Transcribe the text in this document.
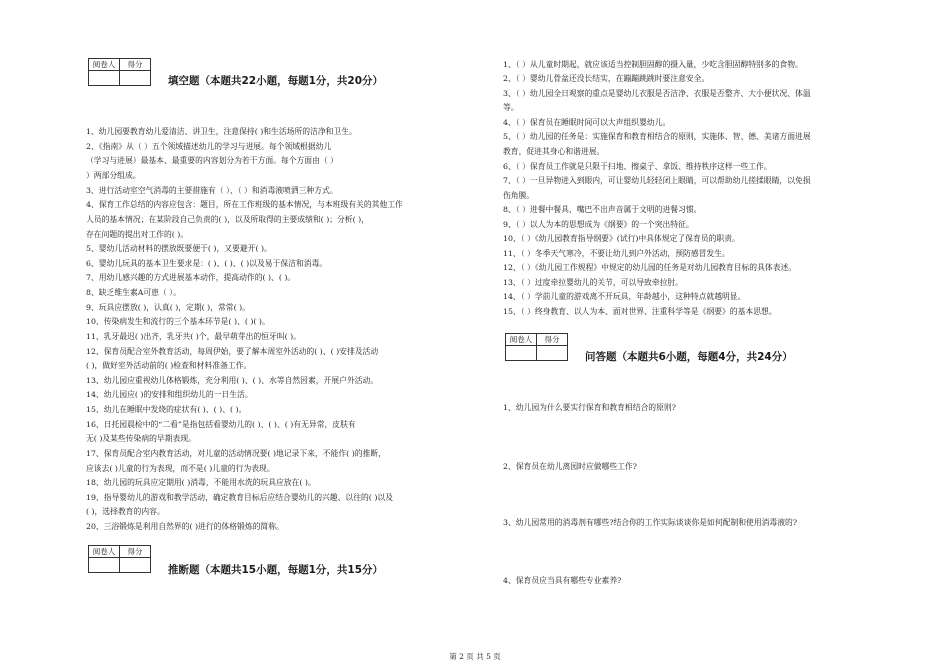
阅卷人	得分

填空题（本题共22小题，每题1分，共20分）
1、幼儿园要教育幼儿爱清洁、讲卫生，注意保持( )和生活场所的洁净和卫生。
2、《指南》从（ ）五个领域描述幼儿的学习与进展。每个领域根据幼儿
（学习与进展）最基本、最重要的内容划分为若干方面。每个方面由（ ）
）两部分组成。
3、进行活动室空气消毒的主要措施有（ ）、（ ）和消毒液喷洒三种方式。
4、保育工作总结的内容应包含：题目，所在工作班级的基本情况，与本班级有关的其他工作
人员的基本情况；在某阶段自己负责的( )，以及所取得的主要成绩和( )；分析( )，
存在问题的提出对工作的( )。
5、婴幼儿活动材料的摆放既要便于( )，又要避开( )。
6、婴幼儿玩具的基本卫生要求是：( )、( )、( )以及易于保洁和消毒。
7、用幼儿感兴趣的方式进展基本动作，提高动作的( )、( )。
8、缺乏维生素A可患（ ）。
9、玩具应摆放( )，认真( )，定期( )，常常( )。
10、传染病发生和流行的三个基本环节是( )、( )( )。
11、乳牙最迟( )出齐，乳牙共( )个，最早萌芽出的恒牙叫( )。
12、保育员配合室外教育活动，每周伊始，要了解本周室外活动的( )、( )安排及活动
( )，做好室外活动前的( )检查和材料准备工作。
13、幼儿园应重视幼儿体格锻炼，充分利用( )、( )、水等自然因素，开展户外活动。
14、幼儿园应( )的安排和组织幼儿的一日生活。
15、幼儿在睡眠中发烧的症状有( )、( )、( )。
16、日托园晨检中的“二看”是指包括看婴幼儿的( )、( )、( )有无异常，皮肤有
无( )及某些传染病的早期表现。
17、保育员配合室内教育活动，对儿童的活动情况要( )地记录下来，不能作( )的推断，
应该去( )儿童的行为表现，而不是( )儿童的行为表现。
18、幼儿园的玩具应定期用( )消毒，不能用水洗的玩具应放在( )。
19、指导婴幼儿的游戏和教学活动，确定教育目标后应结合婴幼儿的兴趣、以往的( )以及
( )，选择教育的内容。
20、三浴锻炼是利用自然界的( )进行的体格锻炼的简称。
阅卷人	得分

推断题（本题共15小题，每题1分，共15分）
1、（ ）从儿童时期起，就应该适当控制胆固醇的摄入量，少吃含胆固醇特别多的食物。
2、（ ）婴幼儿骨盆还没长结实，在蹦蹦跳跳时要注意安全。
3、（ ）幼儿园全日观察的重点是婴幼儿衣服是否洁净、衣服是否整齐、大小便状况、体温
等。
4、（ ）保育员在睡眠时间可以大声组织婴幼儿。
5、（ ）幼儿园的任务是：实施保育和教育相结合的原则，实施体、智、德、美诸方面进展
教育，促进其身心和谐进展。
6、（ ）保育员工作就是只限于扫地、擦桌子、拿饭、维持秩序这样一些工作。
7、（ ）一旦异物进入到眼内，可让婴幼儿轻轻闭上眼睛，可以帮助幼儿搓揉眼睛，以免损
伤角膜。
8、（ ）进餐中餐具、嘴巴不出声音属于文明的进餐习惯。
9、（ ）以人为本的思想成为《纲要》的一个突出特征。
10、（ ）《幼儿园教育指导纲要》(试行)中具体规定了保育员的职责。
11、（ ）冬季天气寒冷，不要让幼儿到户外活动，预防感冒发生。
12、（ ）《幼儿园工作规程》中规定的幼儿园的任务是对幼儿园教育目标的具体表述。
13、（ ）过度牵拉婴幼儿的关节，可以导致牵拉肘。
14、（ ）学前儿童的游戏离不开玩具，年龄越小，这种特点就越明显。
15、（ ）终身教育、以人为本、面对世界、注重科学等是《纲要》的基本思想。
阅卷人	得分

问答题（本题共6小题，每题4分，共24分）
1、幼儿园为什么要实行保育和教育相结合的原则?
2、保育员在幼儿离园时应做哪些工作?
3、幼儿园常用的消毒剂有哪些?结合你的工作实际谈谈你是如何配制和使用消毒液的?
4、保育员应当具有哪些专业素养?
第 2 页 共 5 页
